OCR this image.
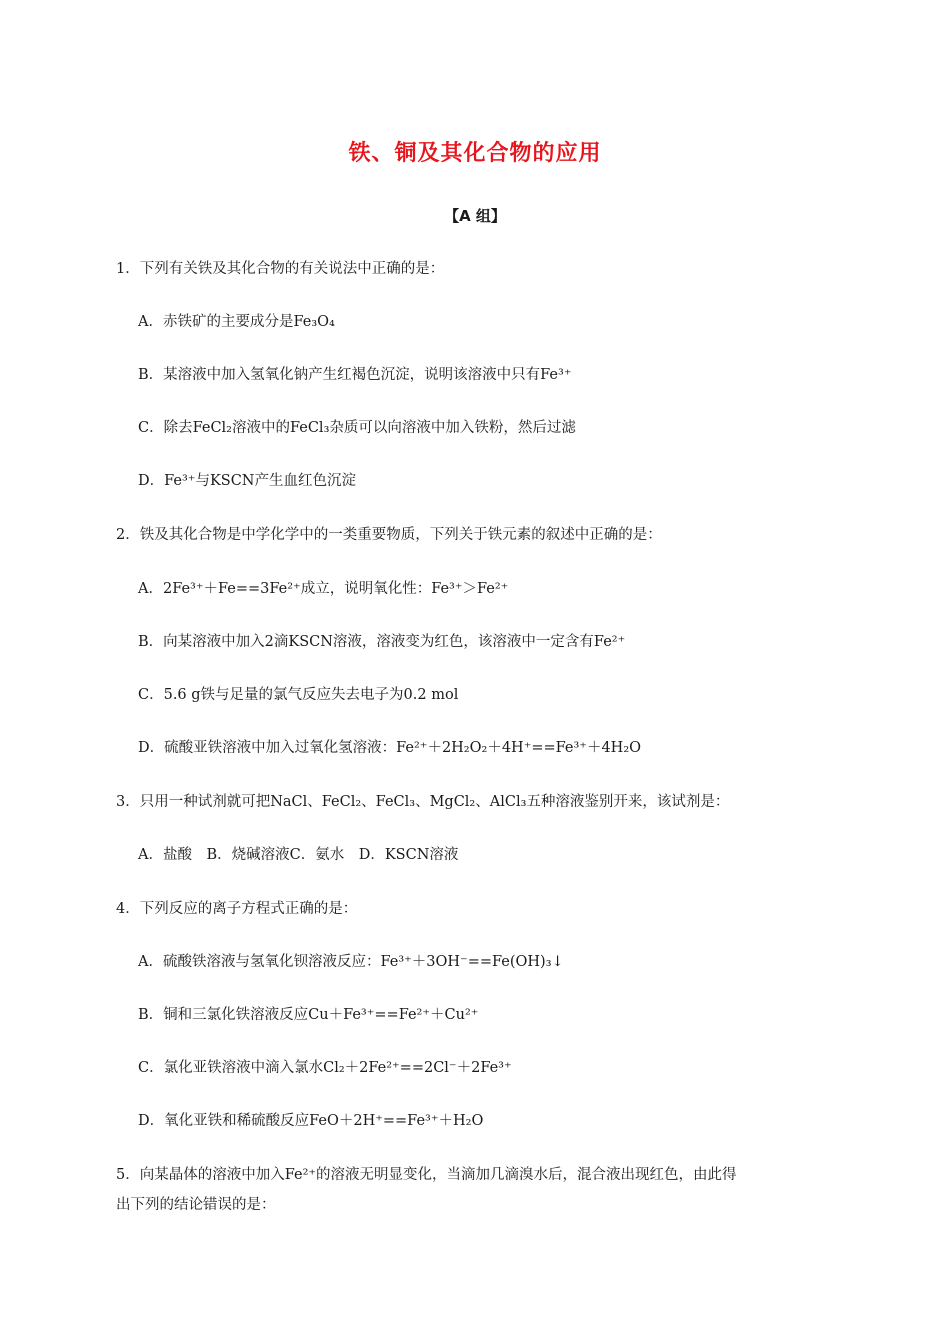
铁、铜及其化合物的应用
【A 组】
1．下列有关铁及其化合物的有关说法中正确的是：
A．赤铁矿的主要成分是Fe₃O₄
B．某溶液中加入氢氧化钠产生红褐色沉淀，说明该溶液中只有Fe³⁺
C．除去FeCl₂溶液中的FeCl₃杂质可以向溶液中加入铁粉，然后过滤
D．Fe³⁺与KSCN产生血红色沉淀
2．铁及其化合物是中学化学中的一类重要物质，下列关于铁元素的叙述中正确的是：
A．2Fe³⁺＋Fe==3Fe²⁺成立，说明氧化性：Fe³⁺＞Fe²⁺
B．向某溶液中加入2滴KSCN溶液，溶液变为红色，该溶液中一定含有Fe²⁺
C．5.6 g铁与足量的氯气反应失去电子为0.2 mol
D．硫酸亚铁溶液中加入过氧化氢溶液：Fe²⁺＋2H₂O₂＋4H⁺==Fe³⁺＋4H₂O
3．只用一种试剂就可把NaCl、FeCl₂、FeCl₃、MgCl₂、AlCl₃五种溶液鉴别开来，该试剂是：
A．盐酸　B．烧碱溶液C．氨水　D．KSCN溶液
4．下列反应的离子方程式正确的是：
A．硫酸铁溶液与氢氧化钡溶液反应：Fe³⁺＋3OH⁻==Fe(OH)₃↓
B．铜和三氯化铁溶液反应Cu＋Fe³⁺==Fe²⁺＋Cu²⁺
C．氯化亚铁溶液中滴入氯水Cl₂＋2Fe²⁺==2Cl⁻＋2Fe³⁺
D．氧化亚铁和稀硫酸反应FeO＋2H⁺==Fe³⁺＋H₂O
5．向某晶体的溶液中加入Fe²⁺的溶液无明显变化，当滴加几滴溴水后，混合液出现红色，由此得
出下列的结论错误的是：
